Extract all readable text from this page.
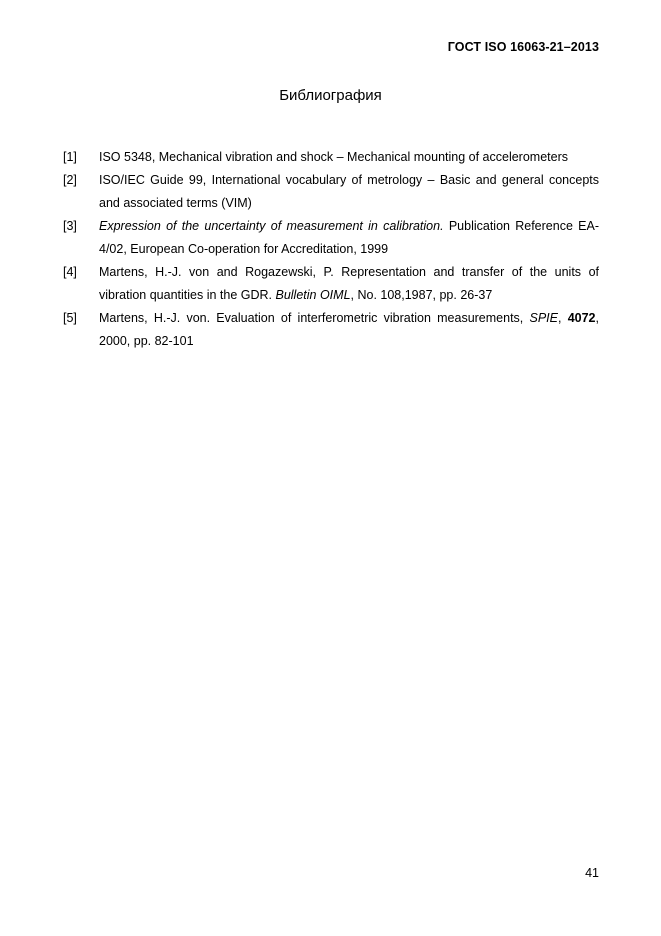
ГОСТ ISO 16063-21–2013
Библиография
[1] ISO 5348, Mechanical vibration and shock – Mechanical mounting of accelerometers
[2] ISO/IEC Guide 99, International vocabulary of metrology – Basic and general concepts and associated terms (VIM)
[3] Expression of the uncertainty of measurement in calibration. Publication Reference EA-4/02, European Co-operation for Accreditation, 1999
[4] Martens, H.-J. von and Rogazewski, P. Representation and transfer of the units of vibration quantities in the GDR. Bulletin OIML, No. 108,1987, pp. 26-37
[5] Martens, H.-J. von. Evaluation of interferometric vibration measurements, SPIE, 4072, 2000, pp. 82-101
41
